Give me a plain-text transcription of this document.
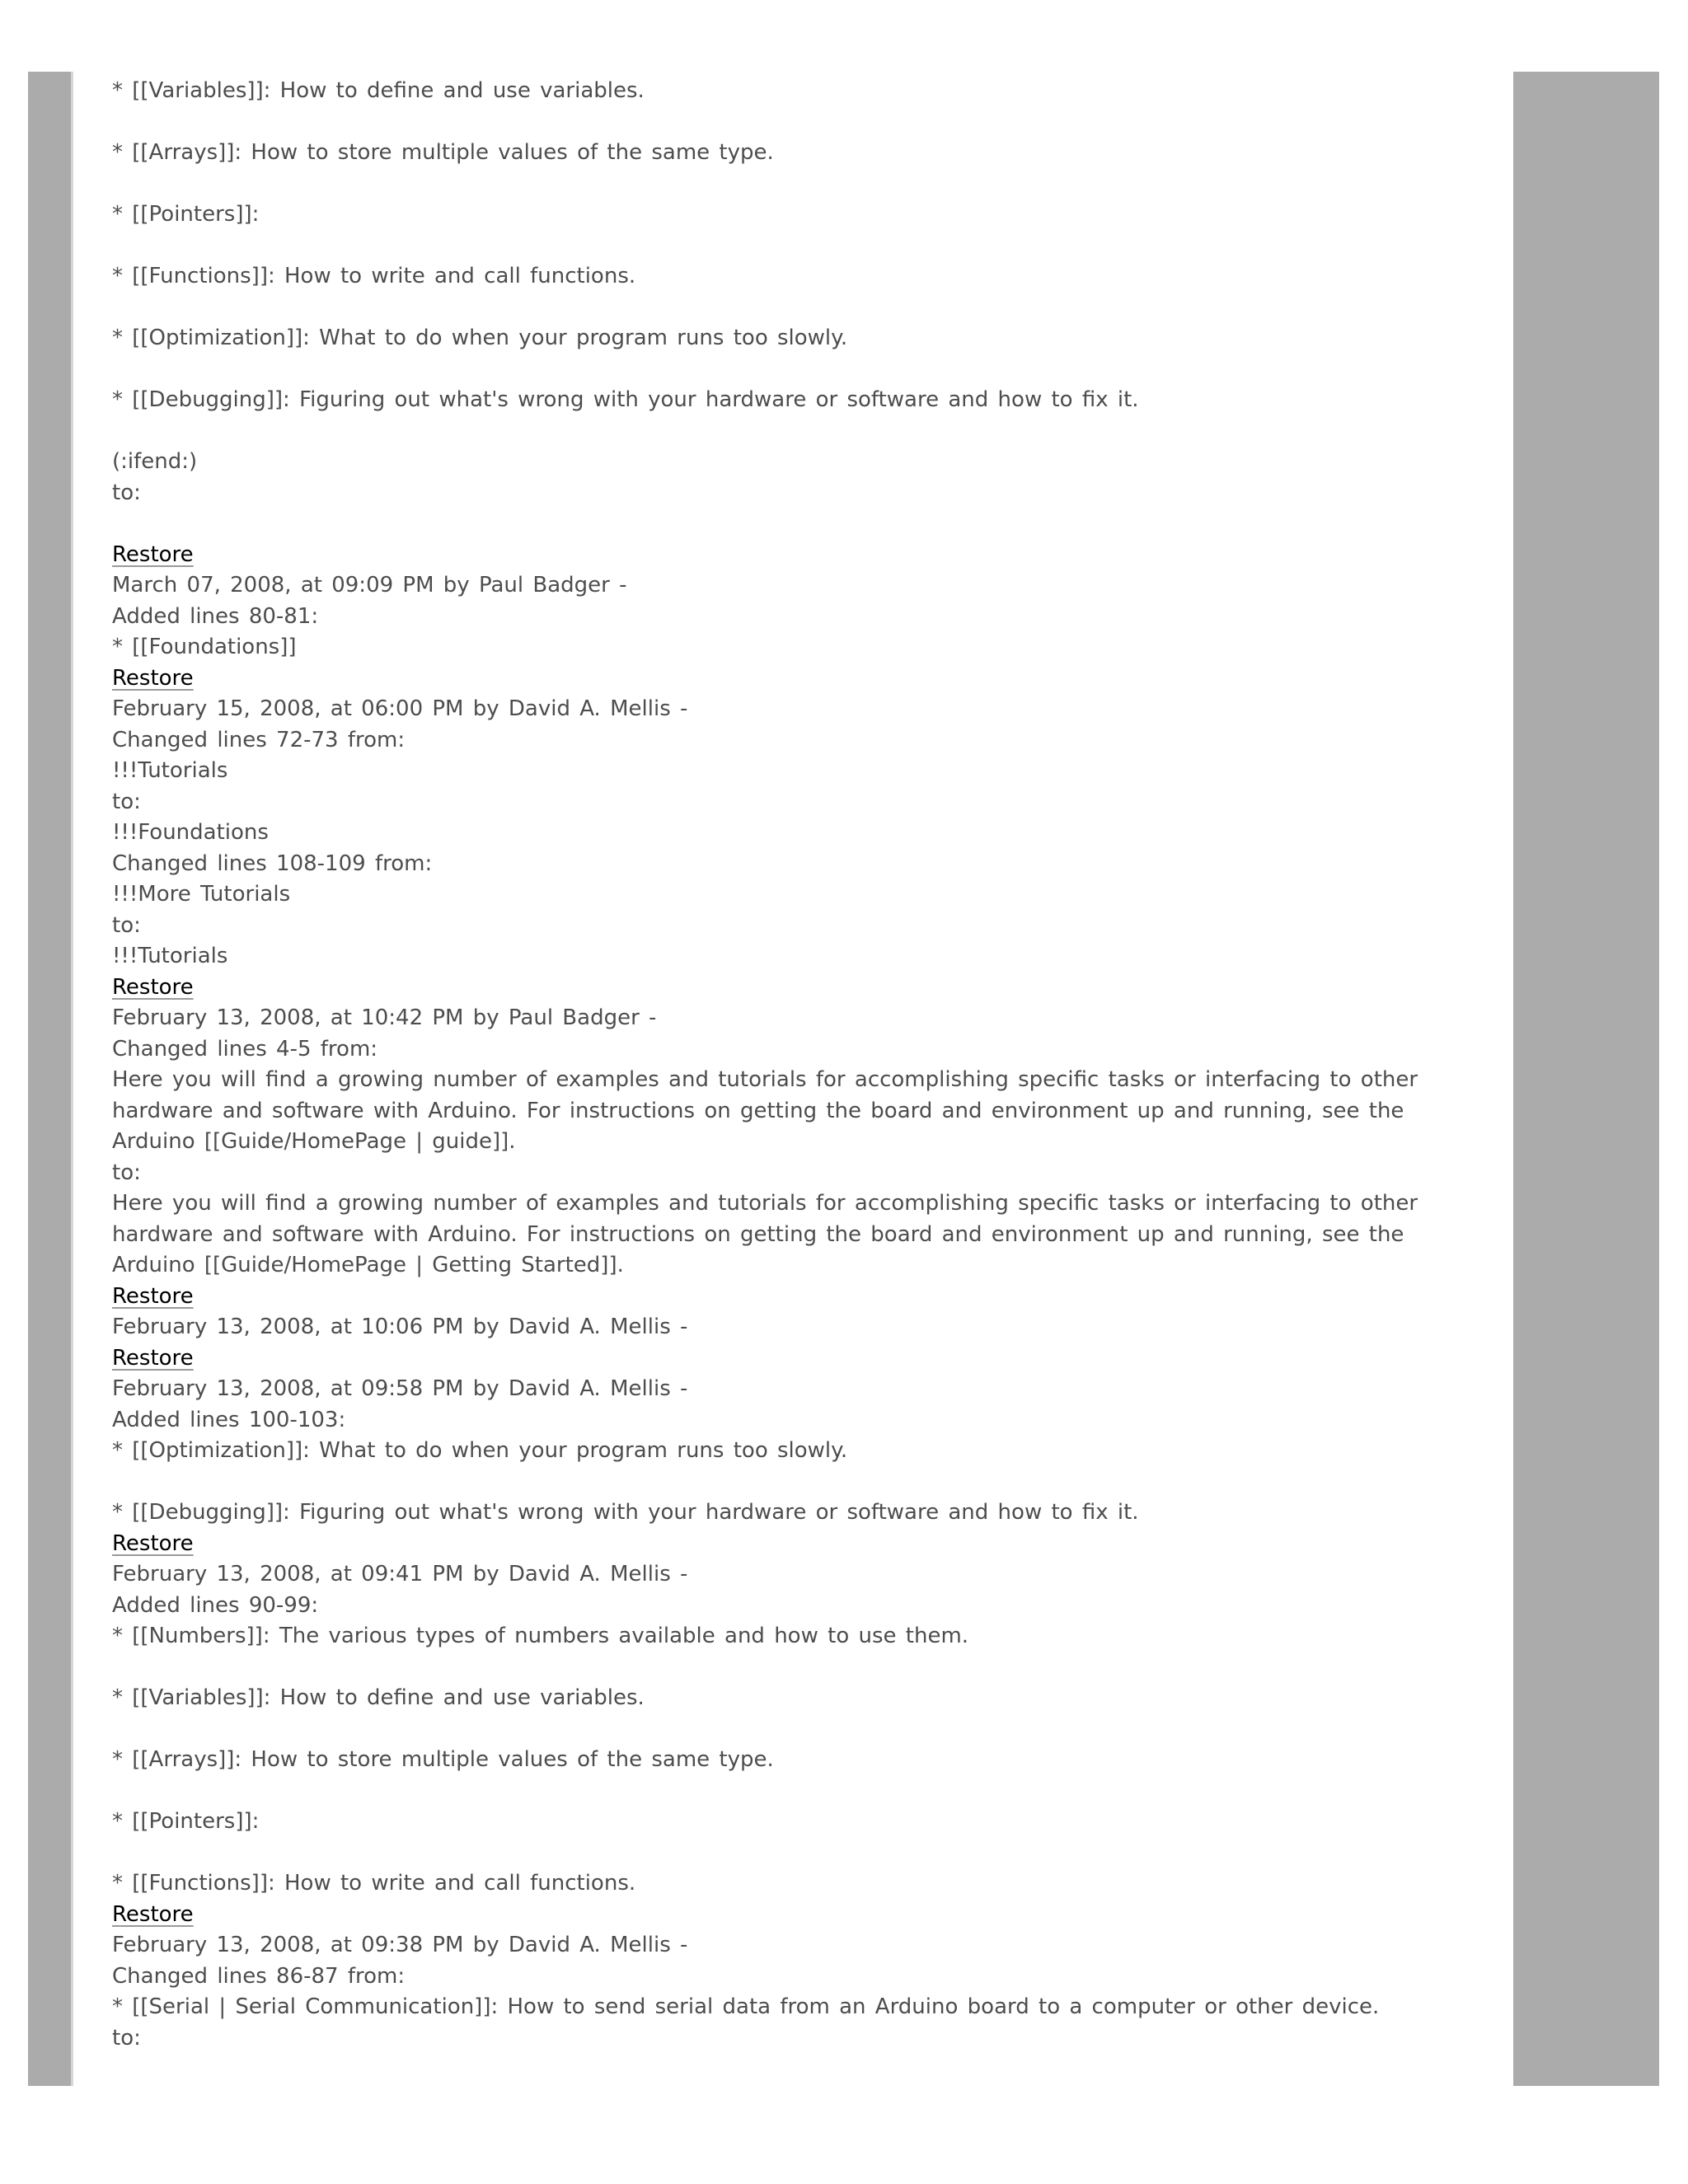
* [[Variables]]: How to define and use variables.

* [[Arrays]]: How to store multiple values of the same type.

* [[Pointers]]:

* [[Functions]]: How to write and call functions.

* [[Optimization]]: What to do when your program runs too slowly.

* [[Debugging]]: Figuring out what's wrong with your hardware or software and how to fix it.

(:ifend:)

to:

Restore

March 07, 2008, at 09:09 PM by Paul Badger -

Added lines 80-81:

* [[Foundations]]

Restore

February 15, 2008, at 06:00 PM by David A. Mellis -

Changed lines 72-73 from:

!!!Tutorials

to:

!!!Foundations

Changed lines 108-109 from:

!!!More Tutorials

to:

!!!Tutorials

Restore

February 13, 2008, at 10:42 PM by Paul Badger -

Changed lines 4-5 from:

Here you will find a growing number of examples and tutorials for accomplishing specific tasks or interfacing to other hardware and software with Arduino. For instructions on getting the board and environment up and running, see the Arduino [[Guide/HomePage | guide]].

to:

Here you will find a growing number of examples and tutorials for accomplishing specific tasks or interfacing to other hardware and software with Arduino. For instructions on getting the board and environment up and running, see the Arduino [[Guide/HomePage | Getting Started]].

Restore

February 13, 2008, at 10:06 PM by David A. Mellis -

Restore

February 13, 2008, at 09:58 PM by David A. Mellis -

Added lines 100-103:

* [[Optimization]]: What to do when your program runs too slowly.

* [[Debugging]]: Figuring out what's wrong with your hardware or software and how to fix it.

Restore

February 13, 2008, at 09:41 PM by David A. Mellis -

Added lines 90-99:

* [[Numbers]]: The various types of numbers available and how to use them.

* [[Variables]]: How to define and use variables.

* [[Arrays]]: How to store multiple values of the same type.

* [[Pointers]]:

* [[Functions]]: How to write and call functions.

Restore

February 13, 2008, at 09:38 PM by David A. Mellis -

Changed lines 86-87 from:

* [[Serial | Serial Communication]]: How to send serial data from an Arduino board to a computer or other device.

to:
